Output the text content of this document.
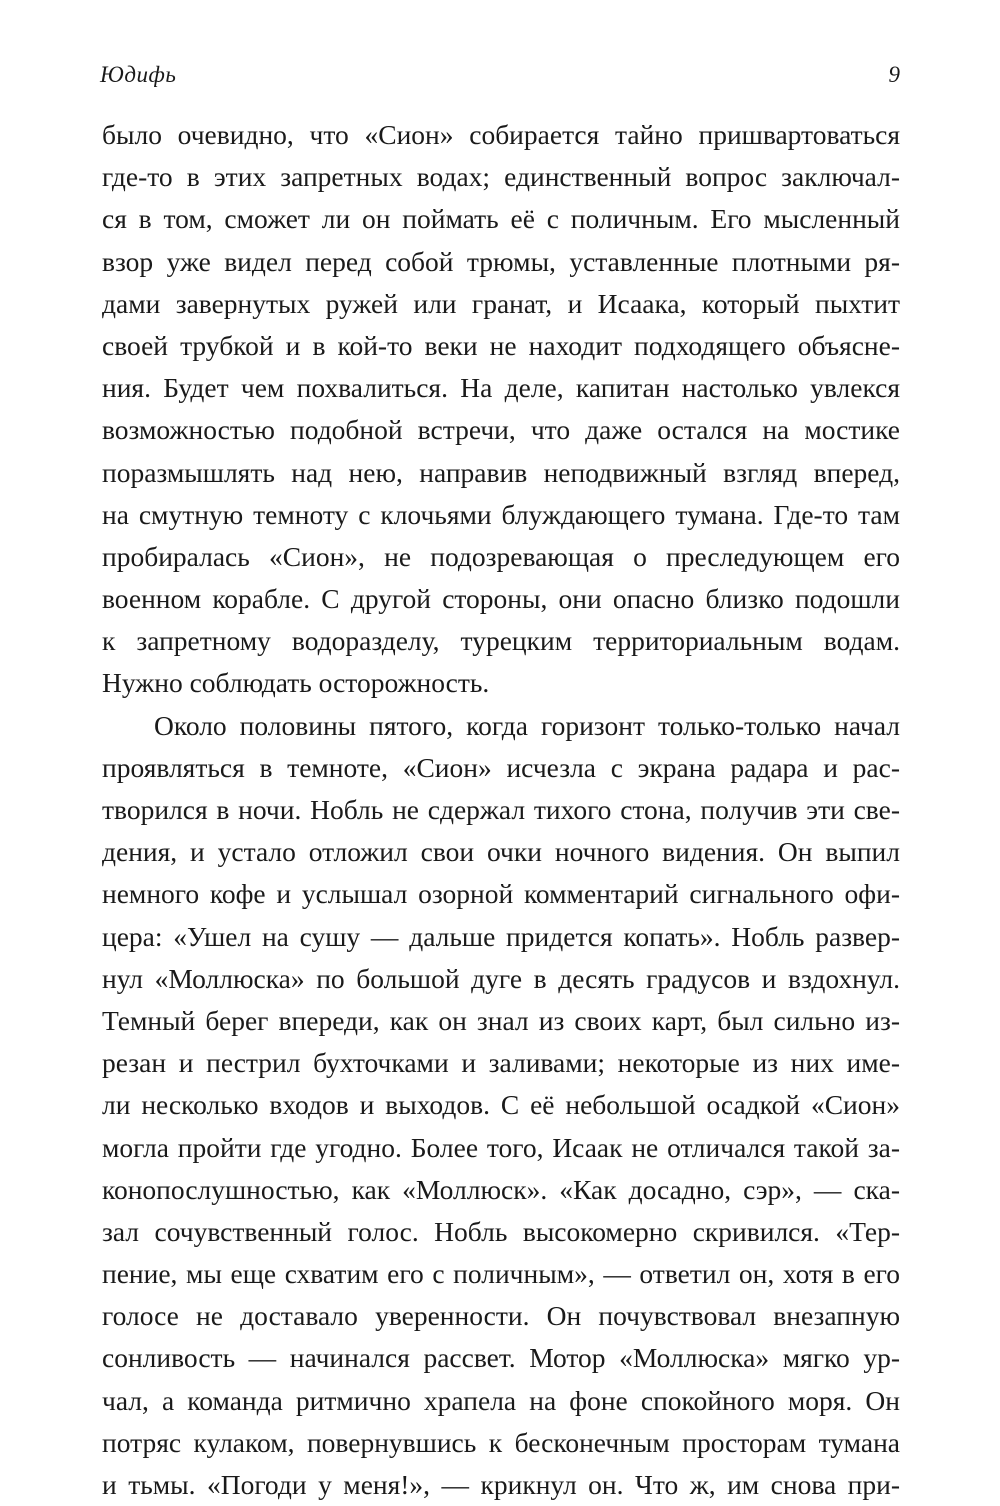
Юдифь	9
было очевидно, что «Сион» собирается тайно пришвартоваться
где-то в этих запретных водах; единственный вопрос заключал-
ся в том, сможет ли он поймать её с поличным. Его мысленный
взор уже видел перед собой трюмы, уставленные плотными ря-
дами завернутых ружей или гранат, и Исаака, который пыхтит
своей трубкой и в кой-то веки не находит подходящего объясне-
ния. Будет чем похвалиться. На деле, капитан настолько увлекся
возможностью подобной встречи, что даже остался на мостике
поразмышлять над нею, направив неподвижный взгляд вперед,
на смутную темноту с клочьями блуждающего тумана. Где-то там
пробиралась «Сион», не подозревающая о преследующем его
военном корабле. С другой стороны, они опасно близко подошли
к запретному водоразделу, турецким территориальным водам.
Нужно соблюдать осторожность.
Около половины пятого, когда горизонт только-только начал
проявляться в темноте, «Сион» исчезла с экрана радара и рас-
творился в ночи. Нобль не сдержал тихого стона, получив эти све-
дения, и устало отложил свои очки ночного видения. Он выпил
немного кофе и услышал озорной комментарий сигнального офи-
цера: «Ушел на сушу — дальше придется копать». Нобль развер-
нул «Моллюска» по большой дуге в десять градусов и вздохнул.
Темный берег впереди, как он знал из своих карт, был сильно из-
резан и пестрил бухточками и заливами; некоторые из них име-
ли несколько входов и выходов. С её небольшой осадкой «Сион»
могла пройти где угодно. Более того, Исаак не отличался такой за-
конопослушностью, как «Моллюск». «Как досадно, сэр», — ска-
зал сочувственный голос. Нобль высокомерно скривился. «Тер-
пение, мы еще схватим его с поличным», — ответил он, хотя в его
голосе не доставало уверенности. Он почувствовал внезапную
сонливость — начинался рассвет. Мотор «Моллюска» мягко ур-
чал, а команда ритмично храпела на фоне спокойного моря. Он
потряс кулаком, повернувшись к бесконечным просторам тумана
и тьмы. «Погоди у меня!», — крикнул он. Что ж, им снова при-
